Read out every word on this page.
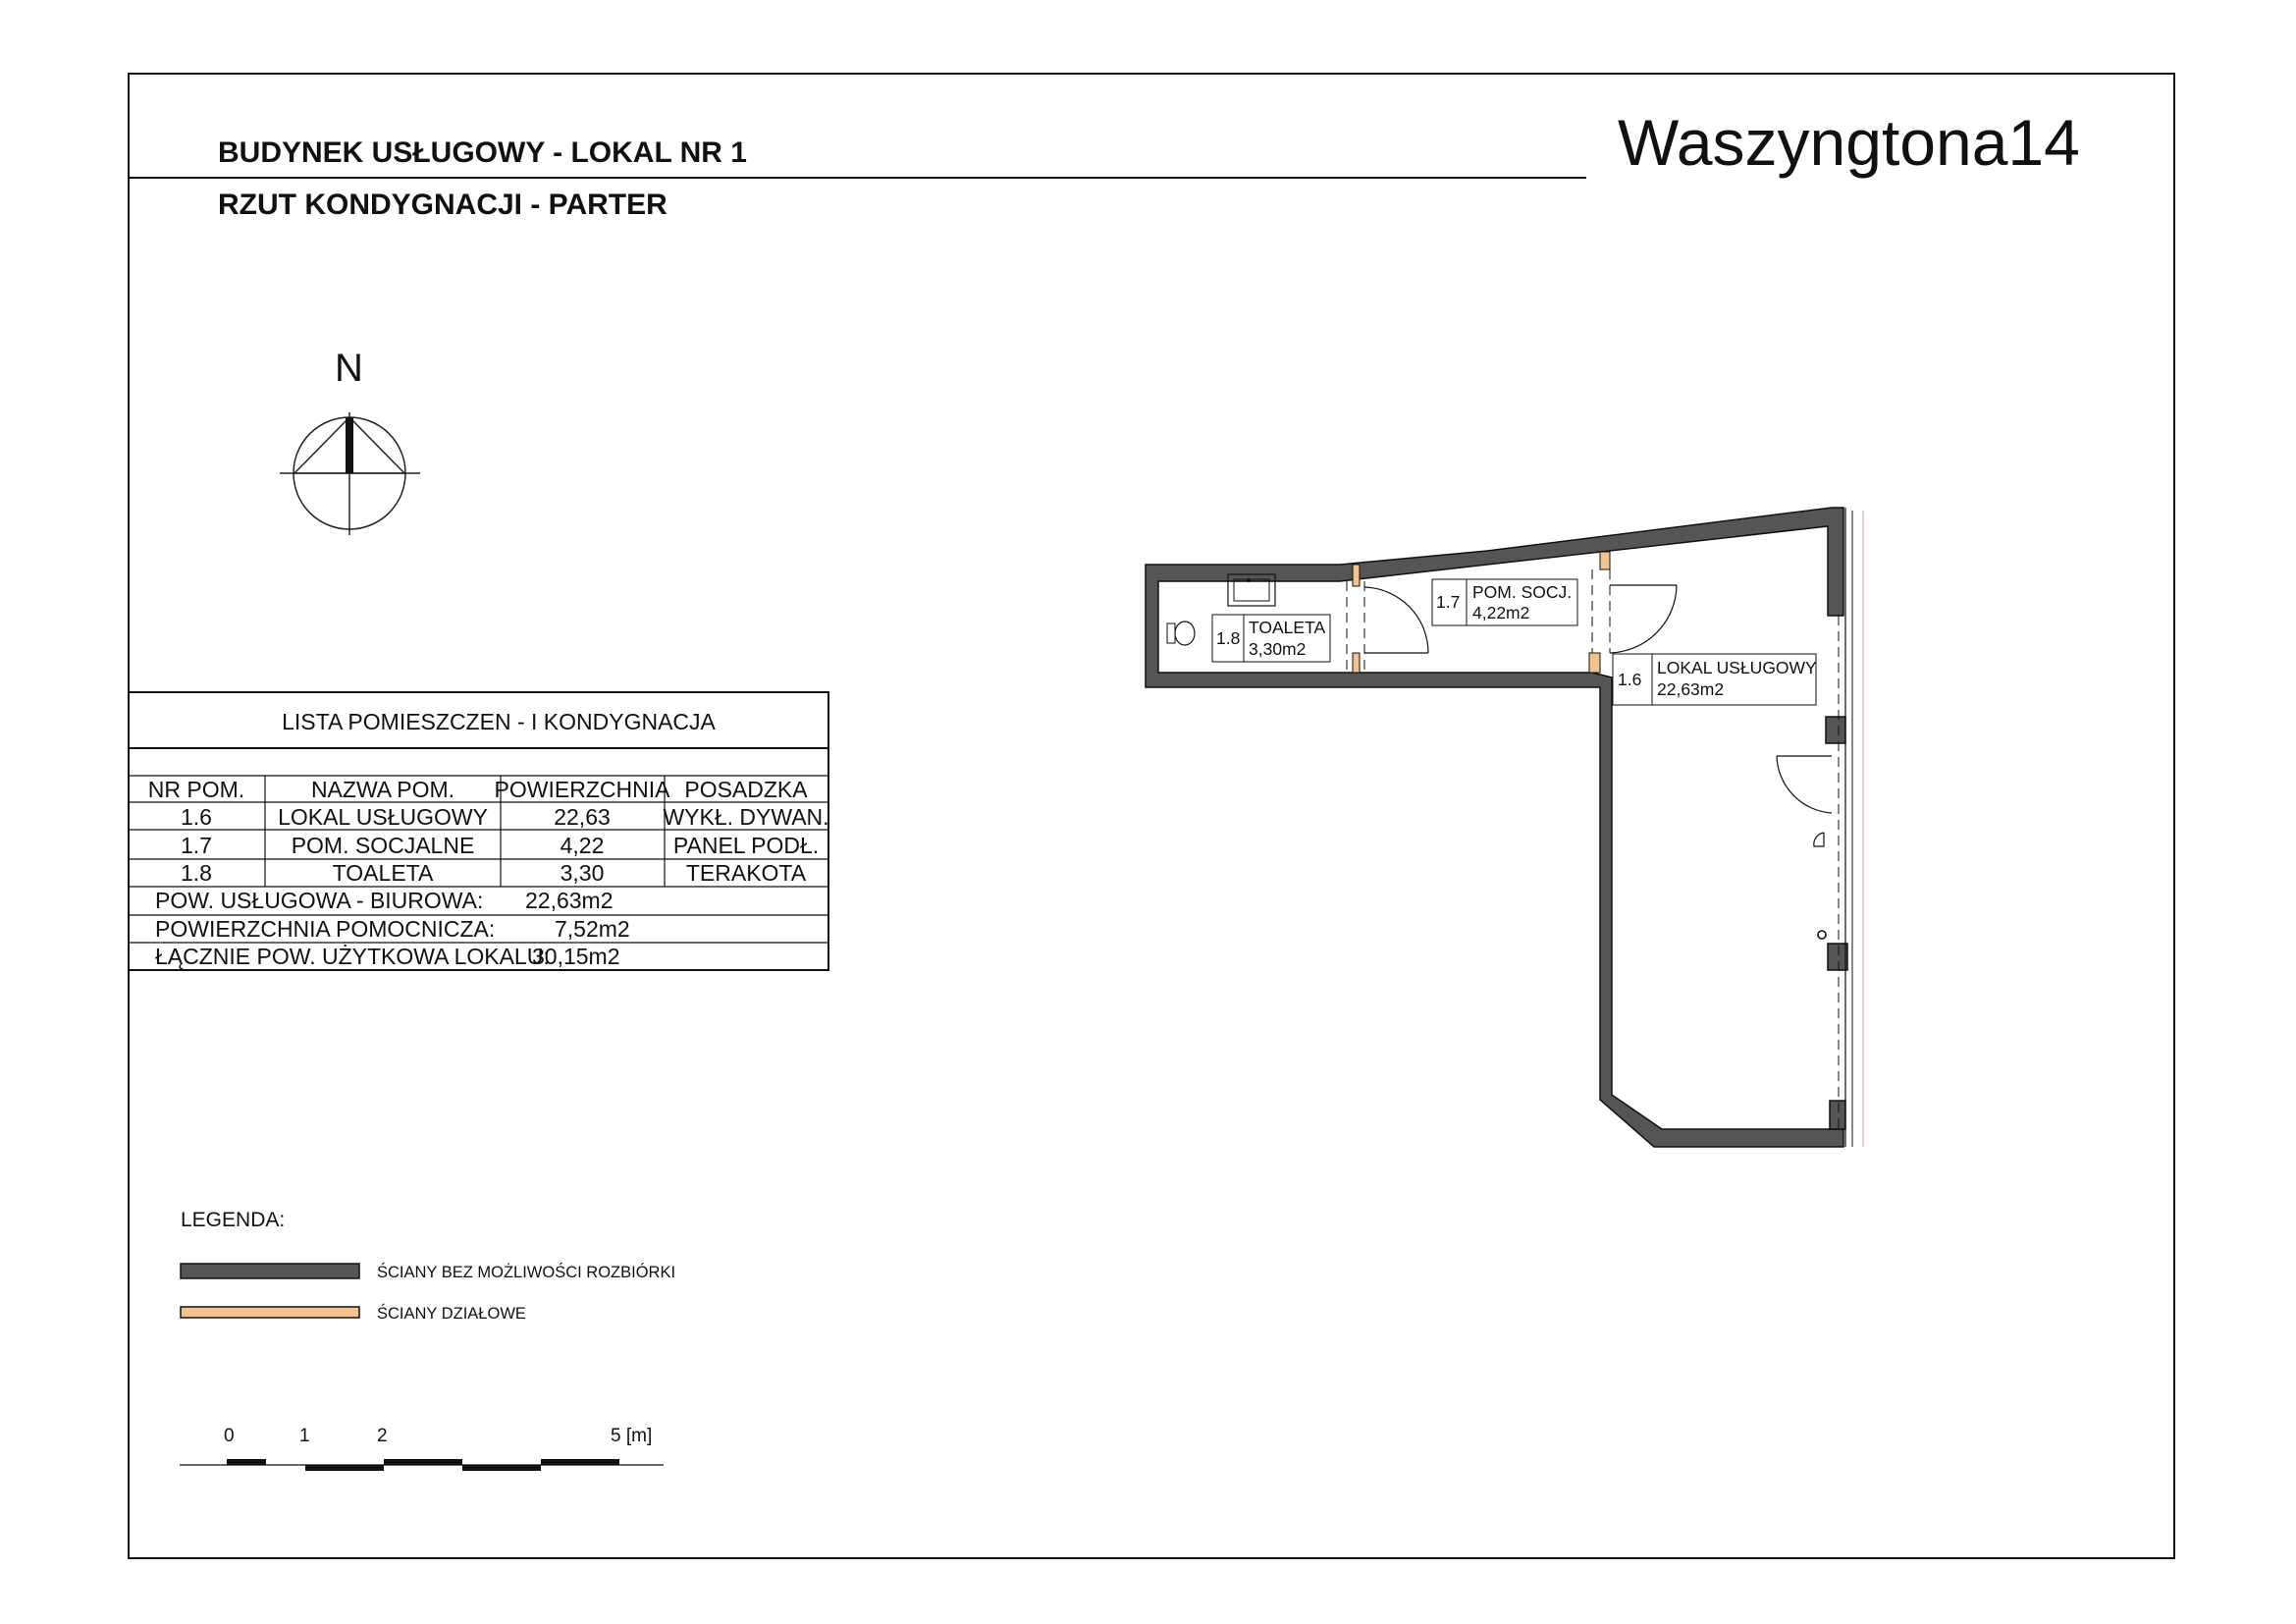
BUDYNEK USŁUGOWY - LOKAL NR 1
RZUT KONDYGNACJI - PARTER
Waszyngtona14
N
LISTA POMIESZCZEN - I KONDYGNACJA
NR POM.	NAZWA POM. POWIERZCHNIA POSADZKA
1.6	LOKAL USŁUGOWY	22,63 WYKŁ. DYWAN.
1.7	POM. SOCJALNE	4,22	PANEL PODŁ.
1.8	TOALETA	3,30	TERAKOTA
POW. USŁUGOWA - BIUROWA: 22,63m2
POWIERZCHNIA POMOCNICZA:	7,52m2
ŁĄCZNIE POW. UŻYTKOWA LOKALU:
30,15m2
1.8
TOALETA
3,30m2
1.7 POM. SOCJ.
4,22m2
1.6
LOKAL USŁUGOWY
22,63m2
LEGENDA:
ŚCIANY BEZ MOŻLIWOŚCI ROZBIÓRKI
ŚCIANY DZIAŁOWE
0	1	2	5 [m]
